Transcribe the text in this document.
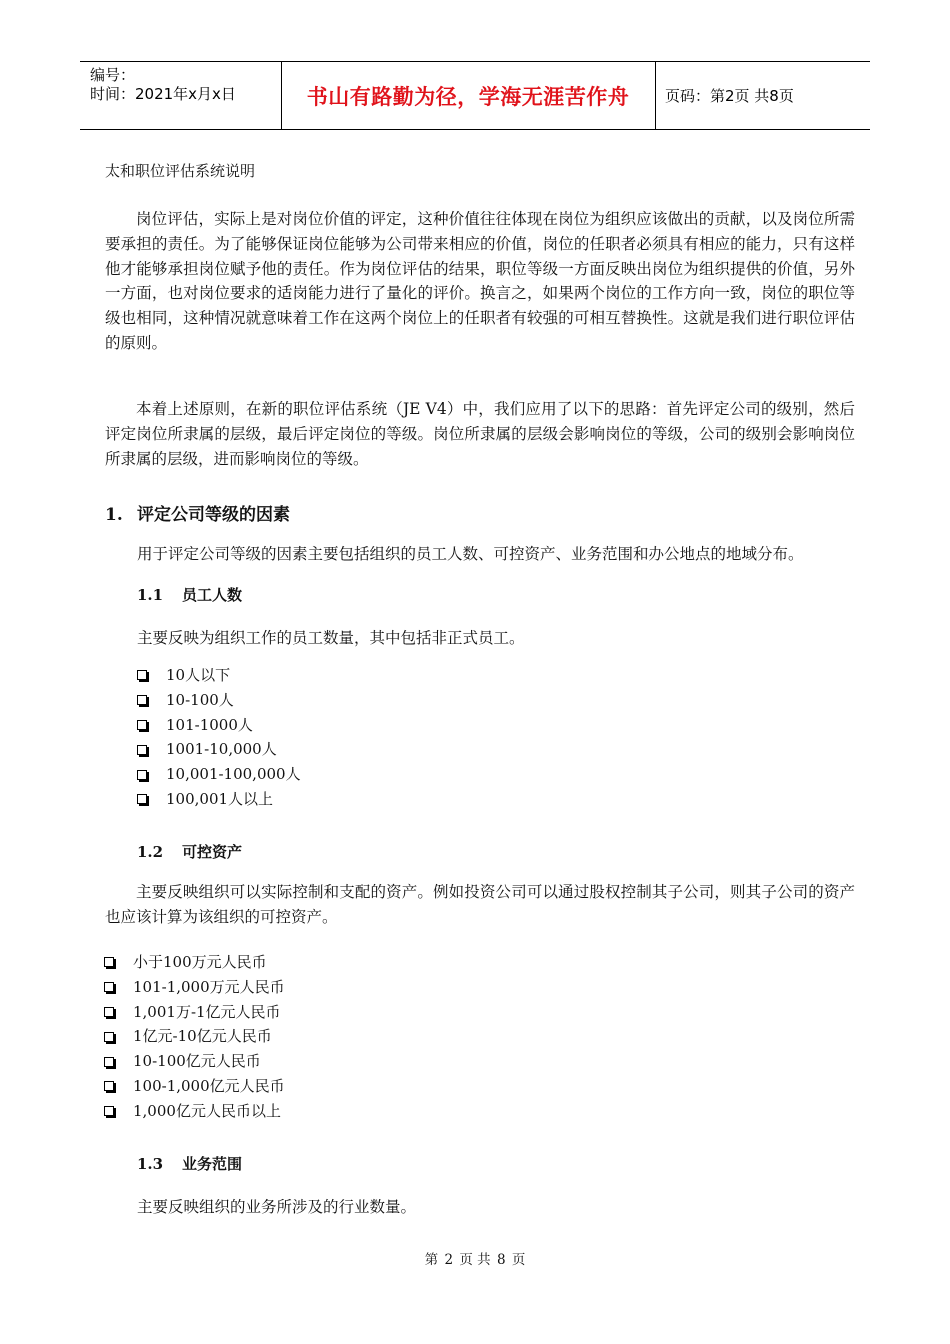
编号：
时间：2021年x月x日	书山有路勤为径，学海无涯苦作舟	页码：第2页 共8页
太和职位评估系统说明

岗位评估，实际上是对岗位价值的评定，这种价值往往体现在岗位为组织应该做出的贡献，以及岗位所需要承担的责任。为了能够保证岗位能够为公司带来相应的价值，岗位的任职者必须具有相应的能力，只有这样他才能够承担岗位赋予他的责任。作为岗位评估的结果，职位等级一方面反映出岗位为组织提供的价值，另外一方面，也对岗位要求的适岗能力进行了量化的评价。换言之，如果两个岗位的工作方向一致，岗位的职位等级也相同，这种情况就意味着工作在这两个岗位上的任职者有较强的可相互替换性。这就是我们进行职位评估的原则。

本着上述原则，在新的职位评估系统（JE V4）中，我们应用了以下的思路：首先评定公司的级别，然后评定岗位所隶属的层级，最后评定岗位的等级。岗位所隶属的层级会影响岗位的等级，公司的级别会影响岗位所隶属的层级，进而影响岗位的等级。

1. 评定公司等级的因素
用于评定公司等级的因素主要包括组织的员工人数、可控资产、业务范围和办公地点的地域分布。
1.1 员工人数
主要反映为组织工作的员工数量，其中包括非正式员工。
10人以下
10-100人
101-1000人
1001-10,000人
10,001-100,000人
100,001人以上
1.2 可控资产

主要反映组织可以实际控制和支配的资产。例如投资公司可以通过股权控制其子公司，则其子公司的资产也应该计算为该组织的可控资产。

小于100万元人民币
101-1,000万元人民币
1,001万-1亿元人民币
1亿元-10亿元人民币
10-100亿元人民币
100-1,000亿元人民币
1,000亿元人民币以上
1.3 业务范围
主要反映组织的业务所涉及的行业数量。
第 2 页 共 8 页
